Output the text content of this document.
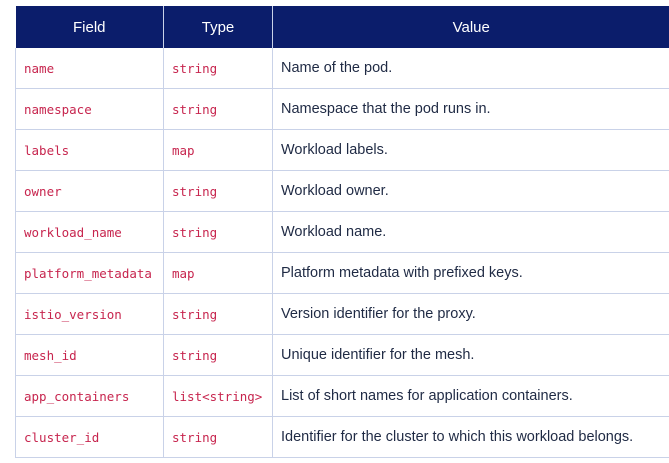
Field	Type	Value
name	string	Name of the pod.
namespace	string	Namespace that the pod runs in.
labels	map	Workload labels.
owner	string	Workload owner.
workload_name	string	Workload name.
platform_metadata	map	Platform metadata with prefixed keys.
istio_version	string	Version identifier for the proxy.
mesh_id	string	Unique identifier for the mesh.
app_containers	list<string>	List of short names for application containers.
cluster_id	string	Identifier for the cluster to which this workload belongs.
